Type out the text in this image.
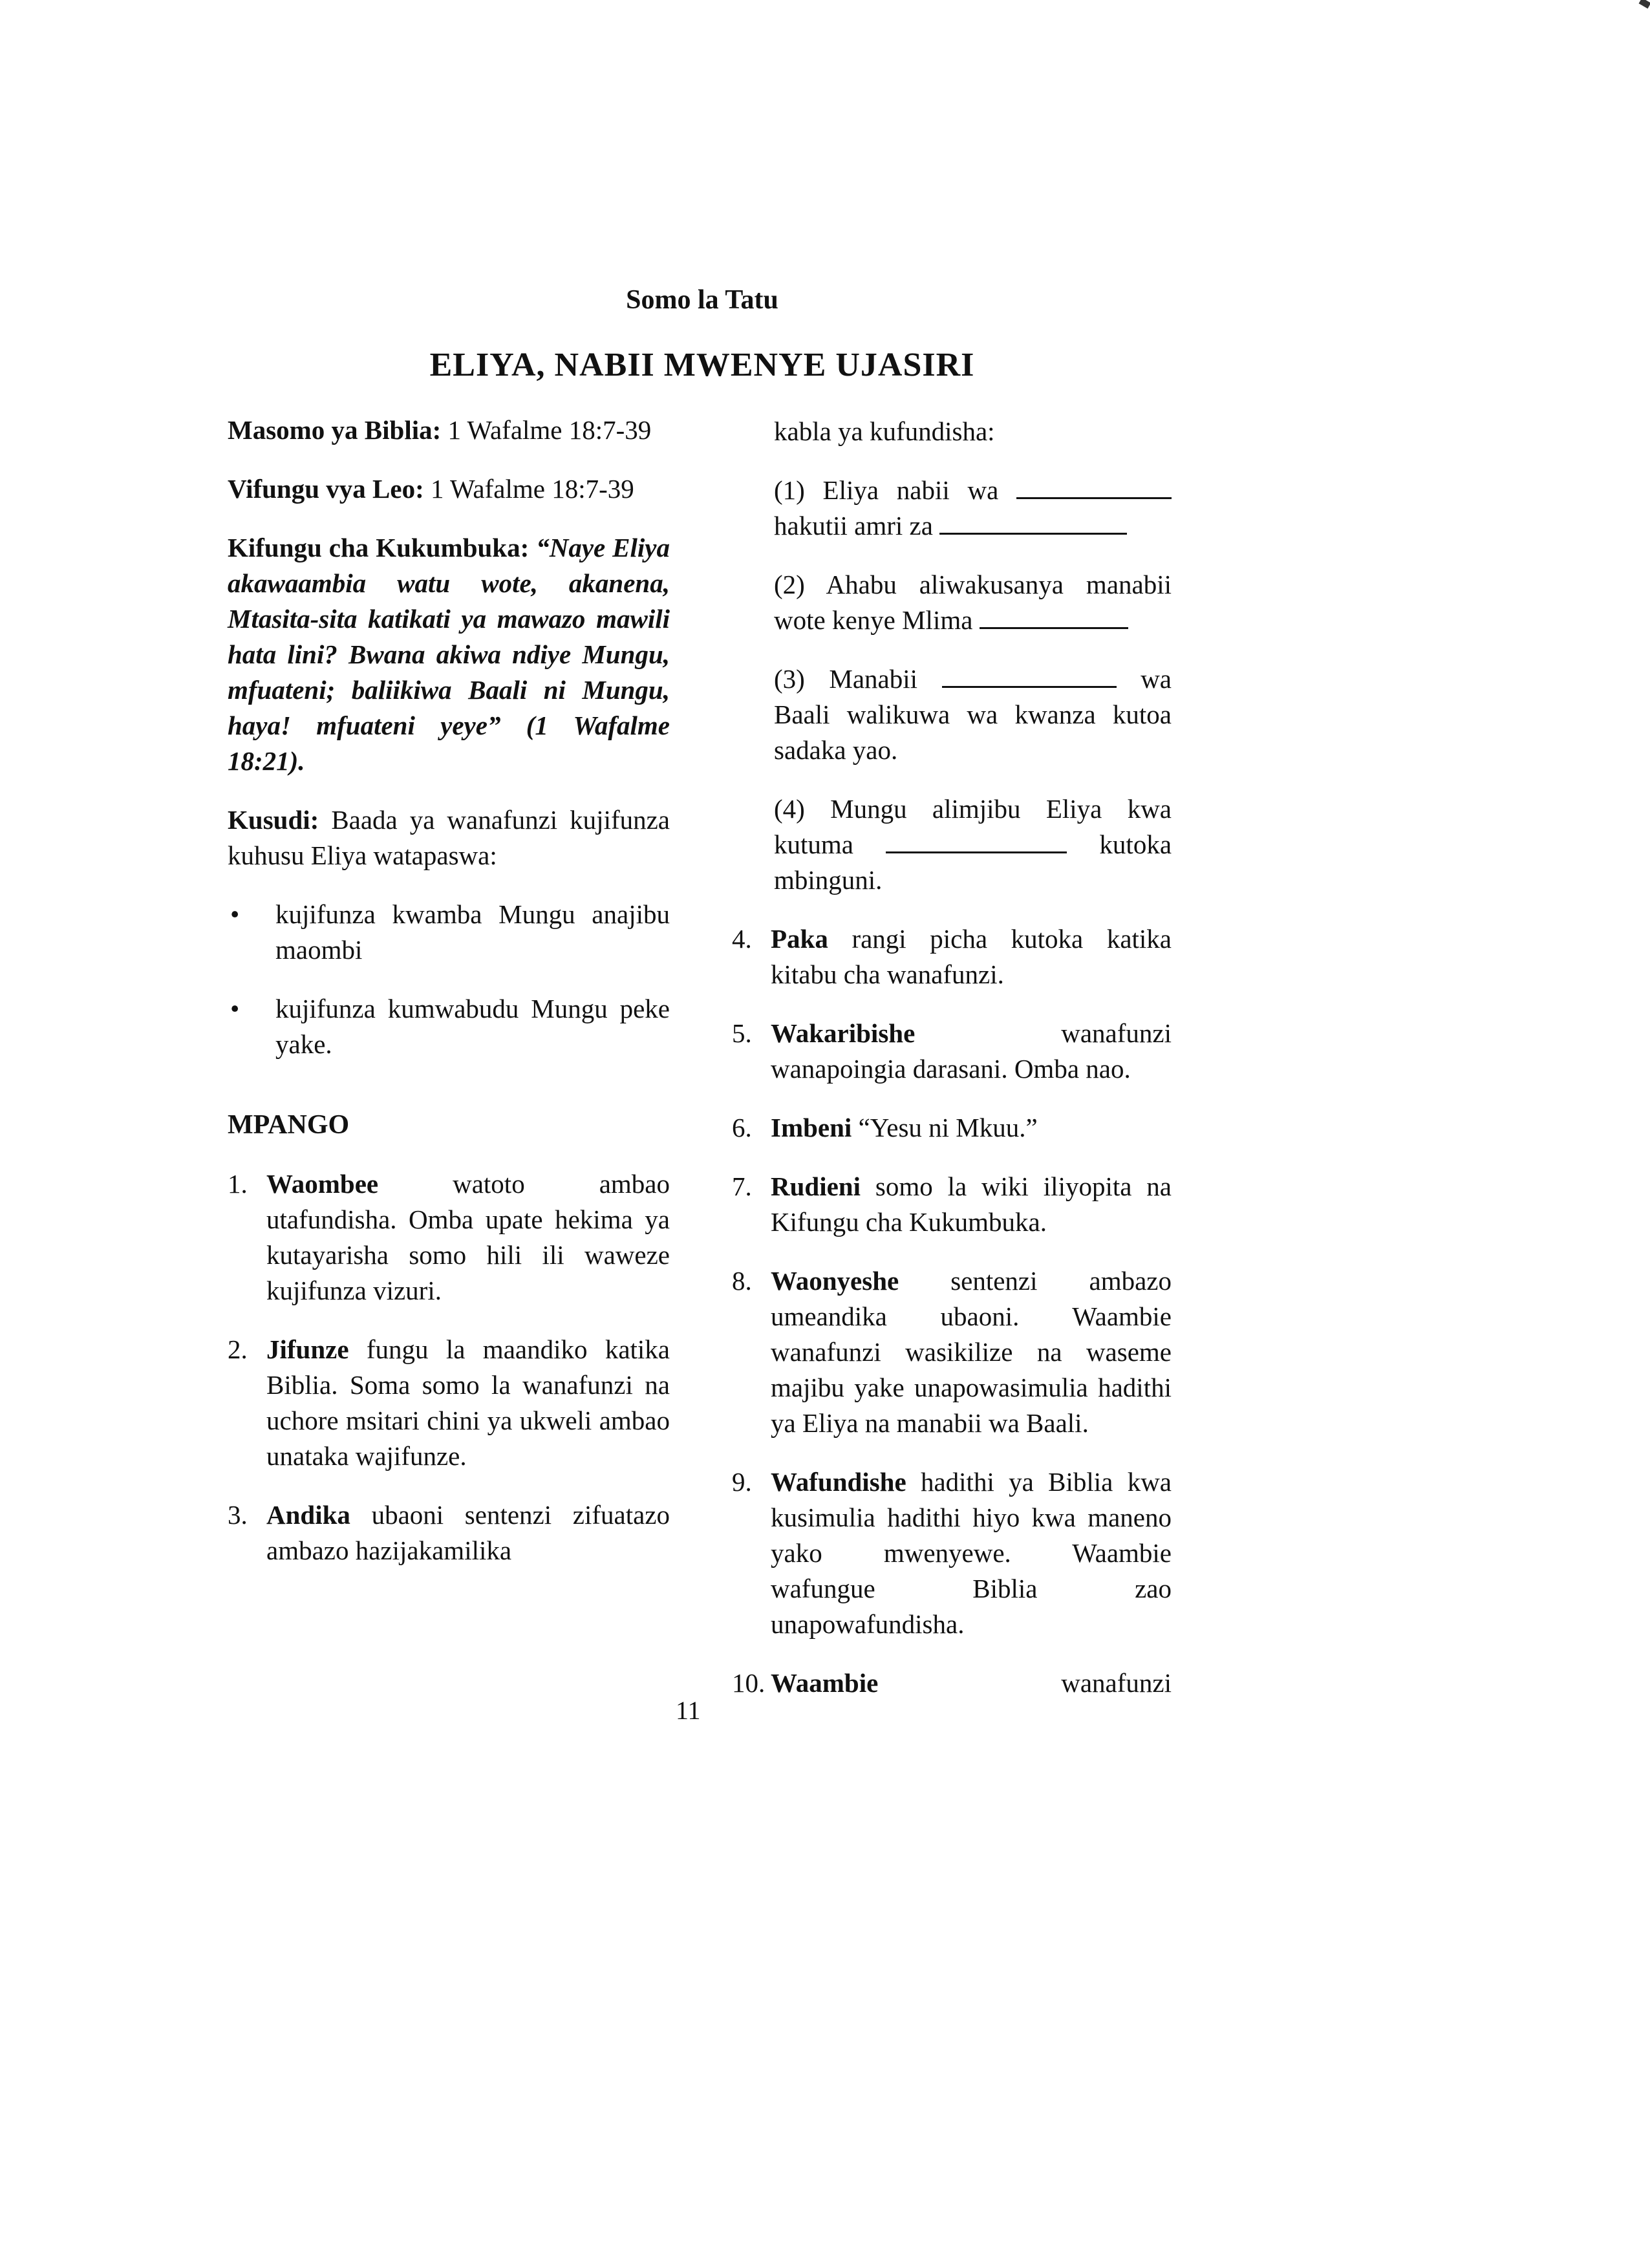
Somo la Tatu
ELIYA, NABII MWENYE UJASIRI

Masomo ya Biblia: 1 Wafalme 18:7-39

Vifungu vya Leo: 1 Wafalme 18:7-39

Kifungu cha Kukumbuka: “Naye Eliya akawaambia watu wote, akanena, Mtasita-sita katikati ya mawazo mawili hata lini? Bwana akiwa ndiye Mungu, mfuateni; baliikiwa Baali ni Mungu, haya! mfuateni yeye” (1 Wafalme 18:21).

Kusudi: Baada ya wanafunzi kujifunza kuhusu Eliya watapaswa:

•	kujifunza kwamba Mungu anajibu maombi
•	kujifunza kumwabudu Mungu peke yake.
MPANGO
1. Waombee	watoto ambao utafundisha. Omba upate hekima ya kutayarisha somo hili ili waweze kujifunza vizuri.
2. Jifunze fungu la maandiko katika Biblia. Soma somo la wanafunzi na uchore msitari chini ya ukweli ambao unataka wajifunze.
3. Andika ubaoni sentenzi zifuatazo ambazo hazijakamilika

kabla ya kufundisha:

(1) Eliya nabii wa  hakutii amri za

(2) Ahabu aliwakusanya manabii wote kenye Mlima

(3) Manabii	wa Baali walikuwa wa kwanza kutoa sadaka yao.

(4) Mungu alimjibu Eliya kwa kutuma	kutoka mbinguni.

4. Paka rangi picha kutoka katika kitabu cha wanafunzi.
5. Wakaribishe	wanafunzi wanapoingia darasani. Omba nao.
6. Imbeni “Yesu ni Mkuu.”
7. Rudieni somo la wiki iliyopita na Kifungu cha Kukumbuka.
8. Waonyeshe sentenzi ambazo umeandika ubaoni. Waambie wanafunzi wasikilize na waseme majibu yake unapowasimulia hadithi ya Eliya na manabii wa Baali.
9. Wafundishe hadithi ya Biblia kwa kusimulia hadithi hiyo kwa maneno yako mwenyewe. Waambie wafungue Biblia zao unapowafundisha.
10. Waambie	wanafunzi
11
